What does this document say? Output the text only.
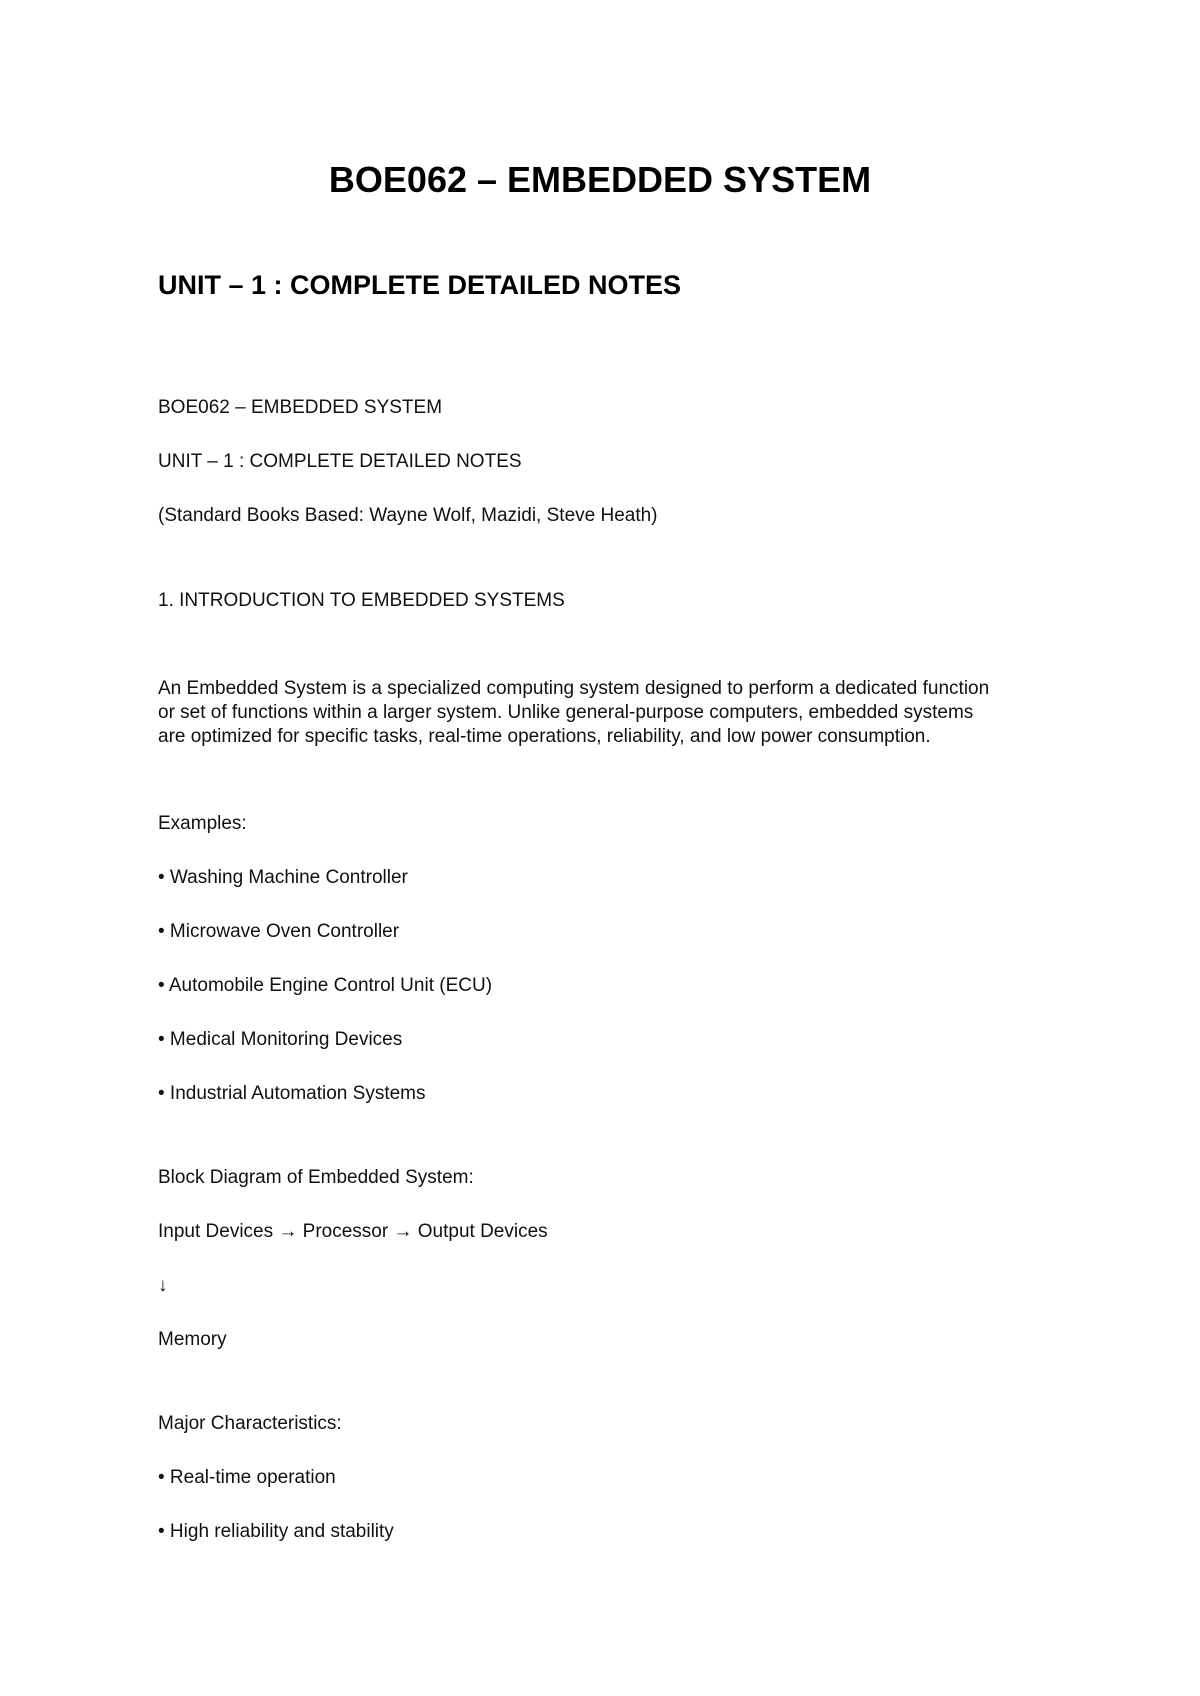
BOE062 – EMBEDDED SYSTEM
UNIT – 1 : COMPLETE DETAILED NOTES

BOE062 – EMBEDDED SYSTEM

UNIT – 1 : COMPLETE DETAILED NOTES

(Standard Books Based: Wayne Wolf, Mazidi, Steve Heath)

1. INTRODUCTION TO EMBEDDED SYSTEMS

An Embedded System is a specialized computing system designed to perform a dedicated function
or set of functions within a larger system. Unlike general-purpose computers, embedded systems
are optimized for specific tasks, real-time operations, reliability, and low power consumption.

Examples:

• Washing Machine Controller

• Microwave Oven Controller

• Automobile Engine Control Unit (ECU)

• Medical Monitoring Devices

• Industrial Automation Systems

Block Diagram of Embedded System:

Input Devices → Processor → Output Devices

↓

Memory

Major Characteristics:

• Real-time operation

• High reliability and stability
